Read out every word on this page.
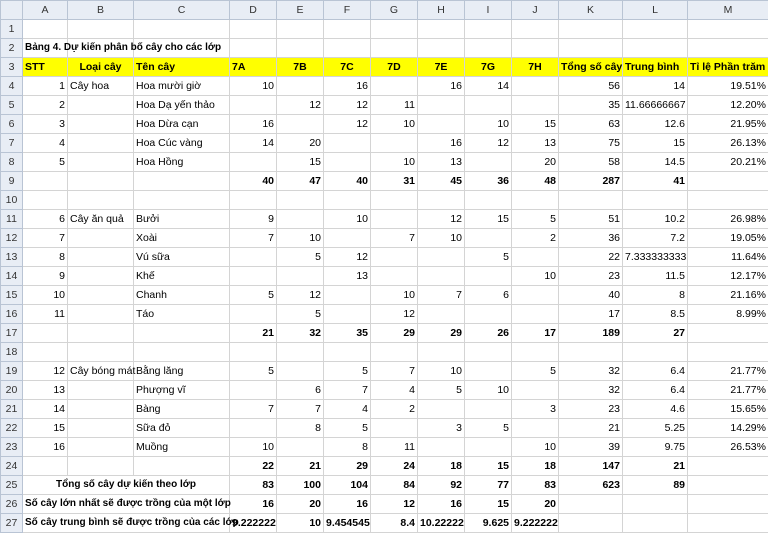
	A	B	C	D	E	F	G	H	I	J	K	L	M
1													
2	Bảng 4. Dự kiến phân bố cây cho các lớp												
3	STT	Loại cây	Tên cây	7A	7B	7C	7D	7E	7G	7H	Tổng số cây	Trung bình	Tỉ lệ Phần trăm
4	1	Cây hoa	Hoa mười giờ	10		16		16	14		56	14	19.51%
5	2		Hoa Dạ yến thảo		12	12	11				35	11.66666667	12.20%
6	3		Hoa Dừa cạn	16		12	10		10	15	63	12.6	21.95%
7	4		Hoa Cúc vàng	14	20			16	12	13	75	15	26.13%
8	5		Hoa Hồng		15		10	13		20	58	14.5	20.21%
9				40	47	40	31	45	36	48	287	41	
10													
11	6	Cây ăn quả	Bưởi	9		10		12	15	5	51	10.2	26.98%
12	7		Xoài	7	10		7	10		2	36	7.2	19.05%
13	8		Vú sữa		5	12			5		22	7.333333333	11.64%
14	9		Khế			13				10	23	11.5	12.17%
15	10		Chanh	5	12		10	7	6		40	8	21.16%
16	11		Táo		5		12				17	8.5	8.99%
17				21	32	35	29	29	26	17	189	27	
18													
19	12	Cây bóng mát	Bằng lăng	5		5	7	10		5	32	6.4	21.77%
20	13		Phượng vĩ		6	7	4	5	10		32	6.4	21.77%
21	14		Bàng	7	7	4	2			3	23	4.6	15.65%
22	15		Sữa đỏ		8	5		3	5		21	5.25	14.29%
23	16		Muồng	10		8	11			10	39	9.75	26.53%
24				22	21	29	24	18	15	18	147	21	
25	Tổng số cây dự kiến theo lớp			83	100	104	84	92	77	83	623	89	
26	Số cây lớn nhất sẽ được trồng của một lớp			16	20	16	12	16	15	20			
27	Số cây trung bình sẽ được trồng của các lớp			9.222222	10	9.454545	8.4	10.22222	9.625	9.222222			
